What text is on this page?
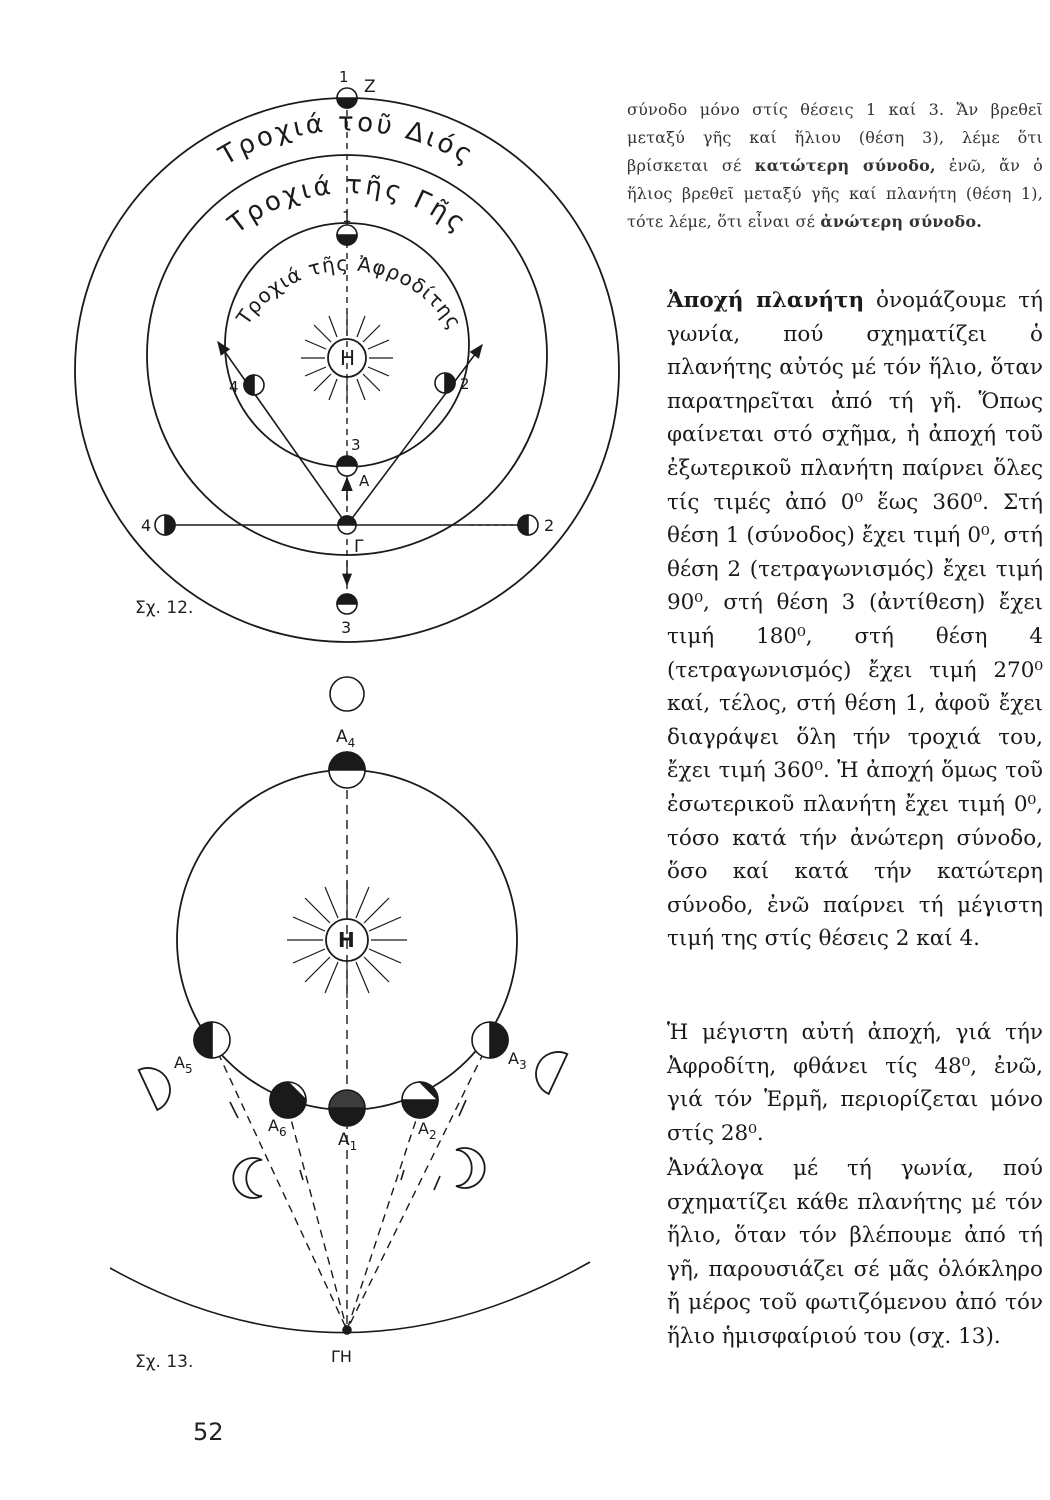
Τροχιά τοῦ Διός
Τροχιά τῆς Γῆς
Τροχιά τῆς Ἀφροδίτης
1 Z
1
H
4	2
3
A
4	2
Γ
3
$A_4$
H
$A_5$
$A_3$
$A_6$	$A_1$
$A_2$
ΓΗ
Σχ. 12.
Σχ. 13.

σύνοδο μόνο στίς θέσεις 1 καί 3. Ἄν βρεθεῖ μεταξύ γῆς καί ἥλιου (θέση 3), λέμε ὅτι βρίσκεται σέ κατώτερη σύνοδο, ἐνῶ, ἄν ὁ ἥλιος βρεθεῖ μεταξύ γῆς καί πλανήτη (θέση 1), τότε λέμε, ὅτι εἶναι σέ ἀνώτερη σύνοδο.

Ἀποχή πλανήτη ὀνομάζουμε τή γωνία, πού σχηματίζει ὁ πλανήτης αὐτός μέ τόν ἥλιο, ὅταν παρατηρεῖται ἀπό τή γῆ. Ὅπως φαίνεται στό σχῆμα, ἡ ἀποχή τοῦ ἐξωτερικοῦ πλανήτη παίρνει ὅλες τίς τιμές ἀπό 0⁰ ἕως 360⁰. Στή θέση 1 (σύνοδος) ἔχει τιμή 0⁰, στή θέση 2 (τετραγωνισμός) ἔχει τιμή 90⁰, στή θέση 3 (ἀντίθεση) ἔχει τιμή 180⁰, στή θέση 4 (τετραγωνισμός) ἔχει τιμή 270⁰ καί, τέλος, στή θέση 1, ἀφοῦ ἔχει διαγράψει ὅλη τήν τροχιά του, ἔχει τιμή 360⁰. Ἡ ἀποχή ὅμως τοῦ ἐσωτερικοῦ πλανήτη ἔχει τιμή 0⁰, τόσο κατά τήν ἀνώτερη σύνοδο, ὅσο καί κατά τήν κατώτερη σύνοδο, ἐνῶ παίρνει τή μέγιστη τιμή της στίς θέσεις 2 καί 4.

Ἡ μέγιστη αὐτή ἀποχή, γιά τήν Ἀφροδίτη, φθάνει τίς 48⁰, ἐνῶ, γιά τόν Ἑρμῆ, περιορίζεται μόνο στίς 28⁰.

Ἀνάλογα μέ τή γωνία, πού σχηματίζει κάθε πλανήτης μέ τόν ἥλιο, ὅταν τόν βλέπουμε ἀπό τή γῆ, παρουσιάζει σέ μᾶς ὁλόκληρο ἤ μέρος τοῦ φωτιζόμενου ἀπό τόν ἥλιο ἡμισφαίριού του (σχ. 13).

52
